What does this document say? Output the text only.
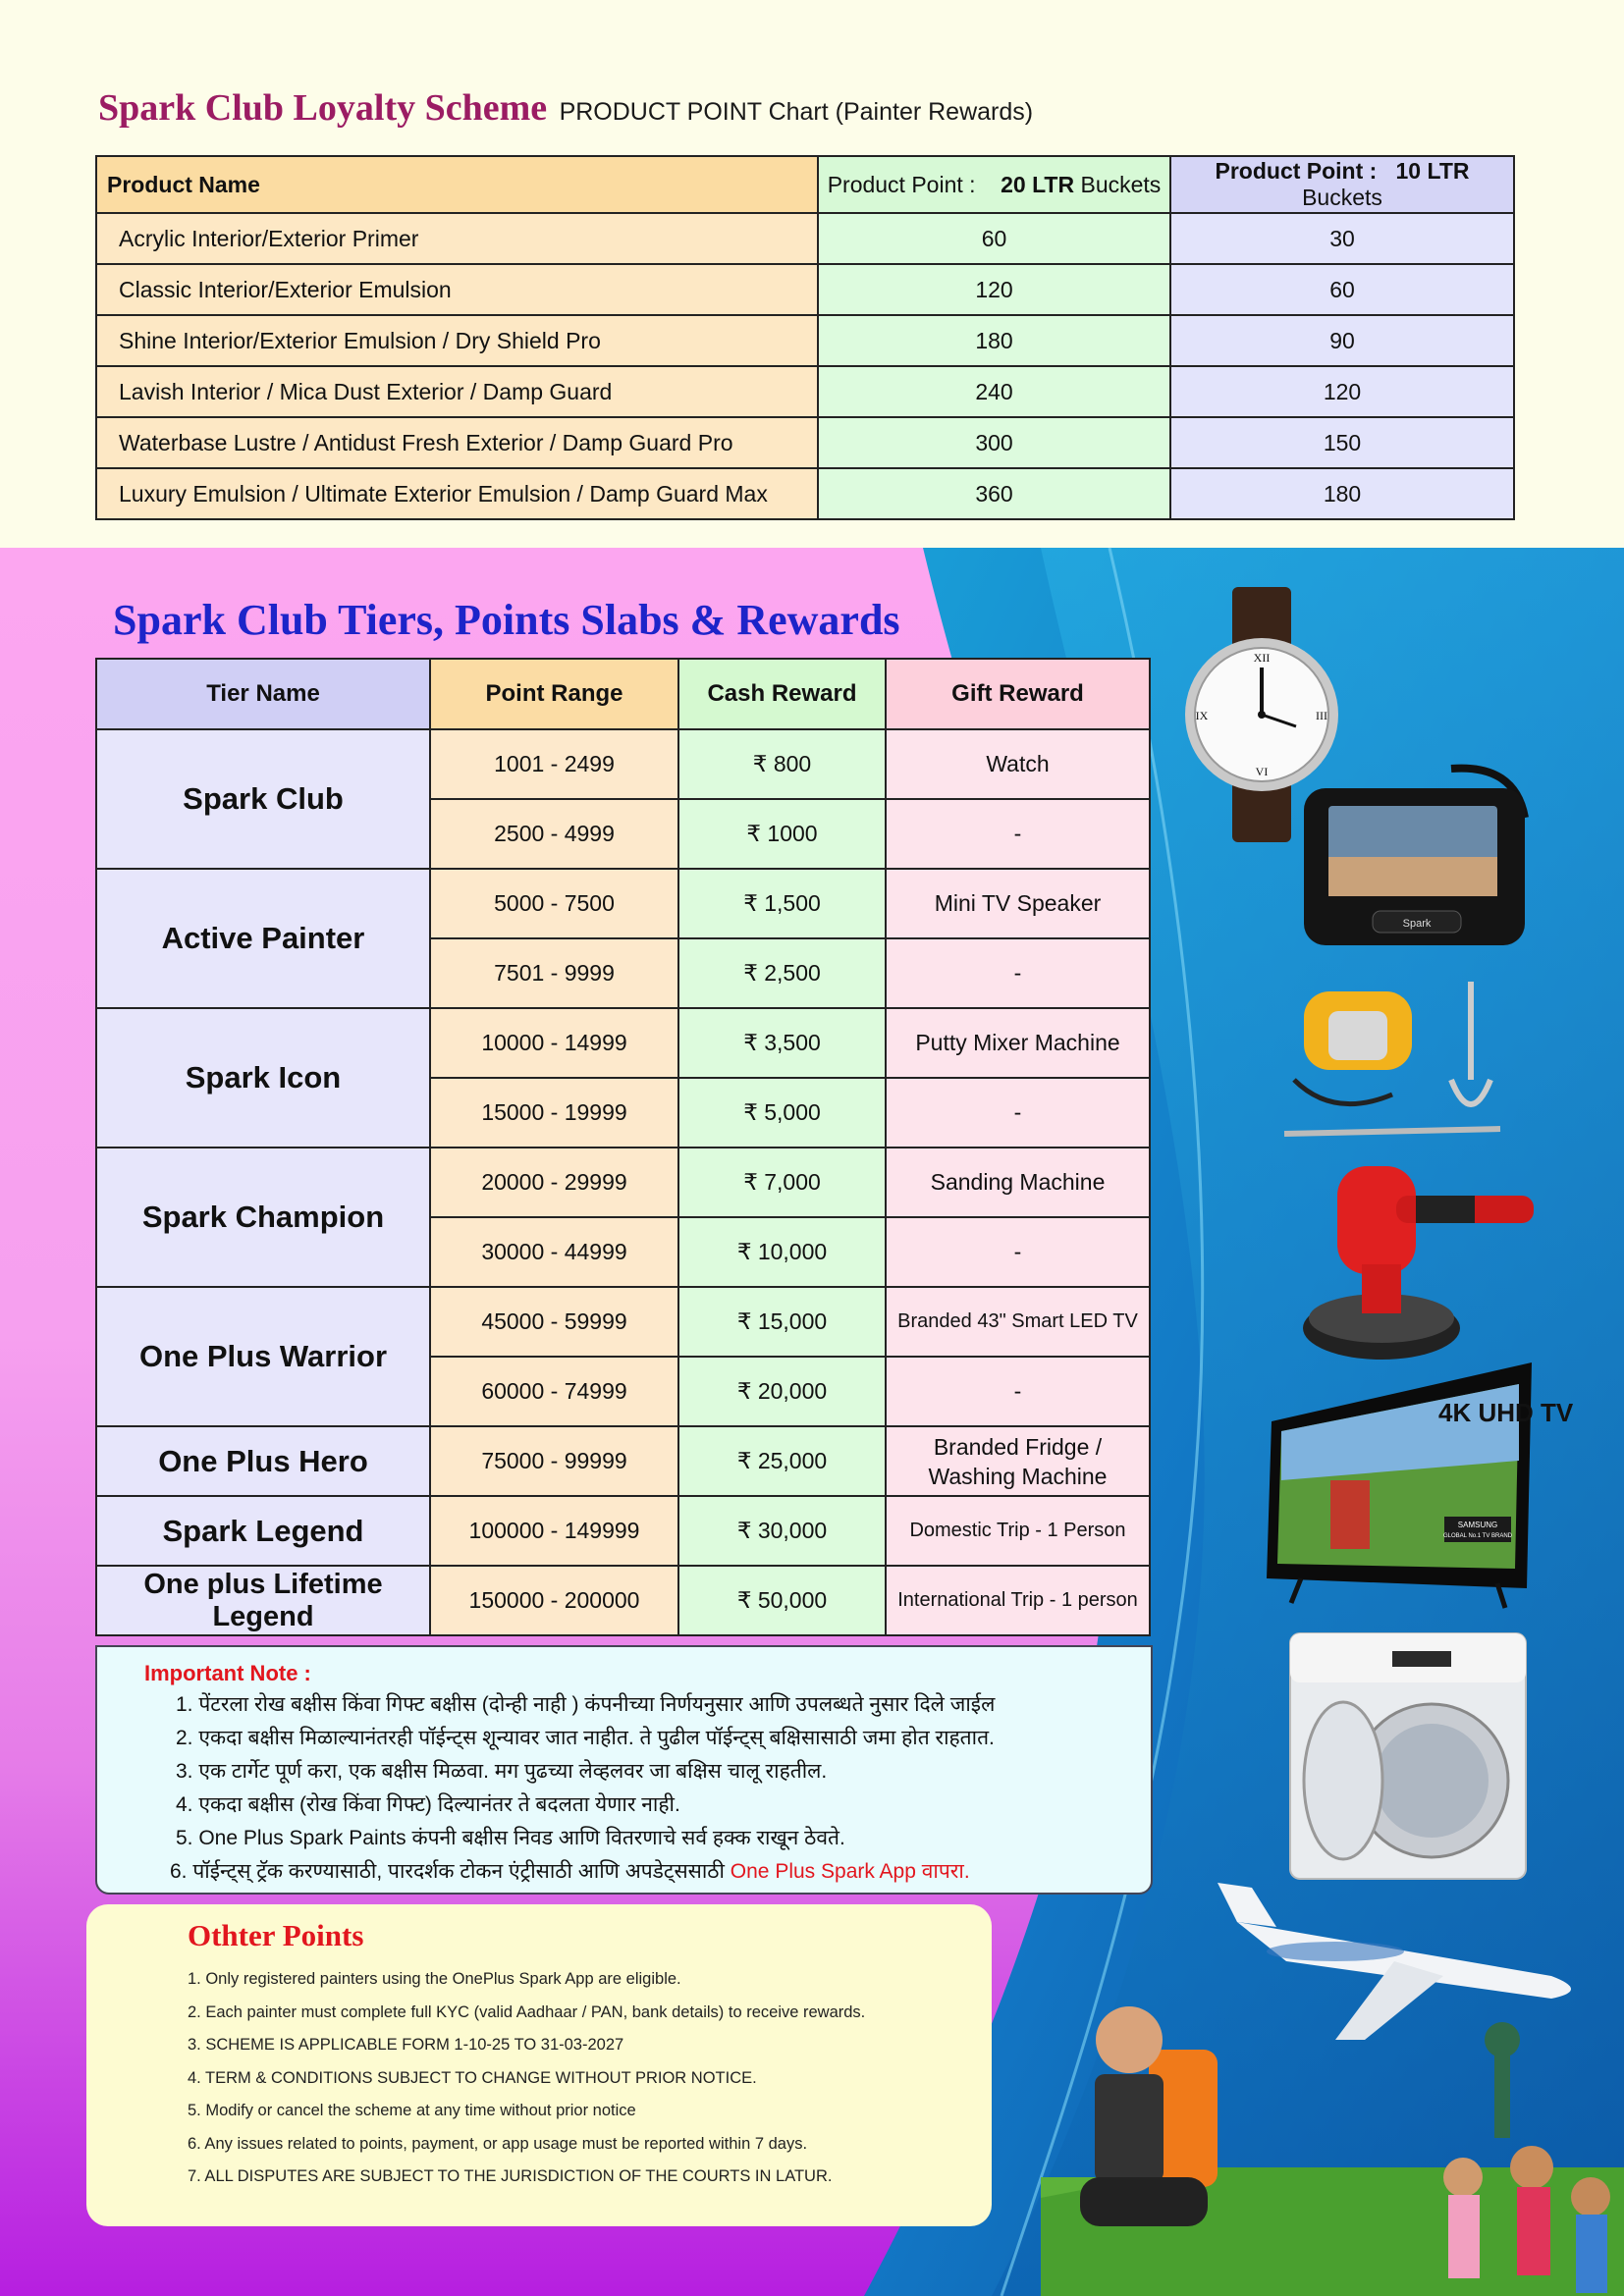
Spark Club Loyalty Scheme PRODUCT POINT Chart (Painter Rewards)
Product Name	Product Point : 20 LTR Buckets	Product Point : 10 LTR Buckets
Acrylic Interior/Exterior Primer	60	30
Classic Interior/Exterior Emulsion	120	60
Shine Interior/Exterior Emulsion / Dry Shield Pro	180	90
Lavish Interior / Mica Dust Exterior / Damp Guard	240	120
Waterbase Lustre / Antidust Fresh Exterior / Damp Guard Pro	300	150
Luxury Emulsion / Ultimate Exterior Emulsion / Damp Guard Max	360	180
Spark Club Tiers, Points Slabs & Rewards
Tier Name	Point Range	Cash Reward	Gift Reward
Spark Club	1001 - 2499	₹ 800	Watch
	2500 - 4999	₹ 1000	-
Active Painter	5000 - 7500	₹ 1,500	Mini TV Speaker
	7501 - 9999	₹ 2,500	-
Spark Icon	10000 - 14999	₹ 3,500	Putty Mixer Machine
	15000 - 19999	₹ 5,000	-
Spark Champion	20000 - 29999	₹ 7,000	Sanding Machine
	30000 - 44999	₹ 10,000	-
One Plus Warrior	45000 - 59999	₹ 15,000	Branded 43" Smart LED TV
	60000 - 74999	₹ 20,000	-
One Plus Hero	75000 - 99999	₹ 25,000	Branded Fridge / Washing Machine
Spark Legend	100000 - 149999	₹ 30,000	Domestic Trip - 1 Person
One plus Lifetime Legend	150000 - 200000	₹ 50,000	International Trip - 1 person
Important Note :
1. पेंटरला रोख बक्षीस किंवा गिफ्ट बक्षीस (दोन्ही नाही ) कंपनीच्या निर्णयनुसार आणि उपलब्धते नुसार दिले जाईल
2. एकदा बक्षीस मिळाल्यानंतरही पॉईन्ट्स शून्यावर जात नाहीत. ते पुढील पॉईन्ट्स् बक्षिसासाठी जमा होत राहतात.
3. एक टार्गेट पूर्ण करा, एक बक्षीस मिळवा. मग पुढच्या लेव्हलवर जा बक्षिस चालू राहतील.
4. एकदा बक्षीस (रोख किंवा गिफ्ट) दिल्यानंतर ते बदलता येणार नाही.
5. One Plus Spark Paints कंपनी बक्षीस निवड आणि वितरणाचे सर्व हक्क राखून ठेवते.
6. पॉईन्ट्स् ट्रॅक करण्यासाठी, पारदर्शक टोकन एंट्रीसाठी आणि अपडेट्ससाठी One Plus Spark App वापरा.
Othter Points
1. Only registered painters using the OnePlus Spark App are eligible.
2. Each painter must complete full KYC (valid Aadhaar / PAN, bank details) to receive rewards.
3. SCHEME IS APPLICABLE FORM 1-10-25 TO 31-03-2027
4. TERM & CONDITIONS SUBJECT TO CHANGE WITHOUT PRIOR NOTICE.
5. Modify or cancel the scheme at any time without prior notice
6. Any issues related to points, payment, or app usage must be reported within 7 days.
7. ALL DISPUTES ARE SUBJECT TO THE JURISDICTION OF THE COURTS IN LATUR.
XII
III
VI
IX
Spark
4K UHD TV
SAMSUNG
GLOBAL No.1 TV BRAND
